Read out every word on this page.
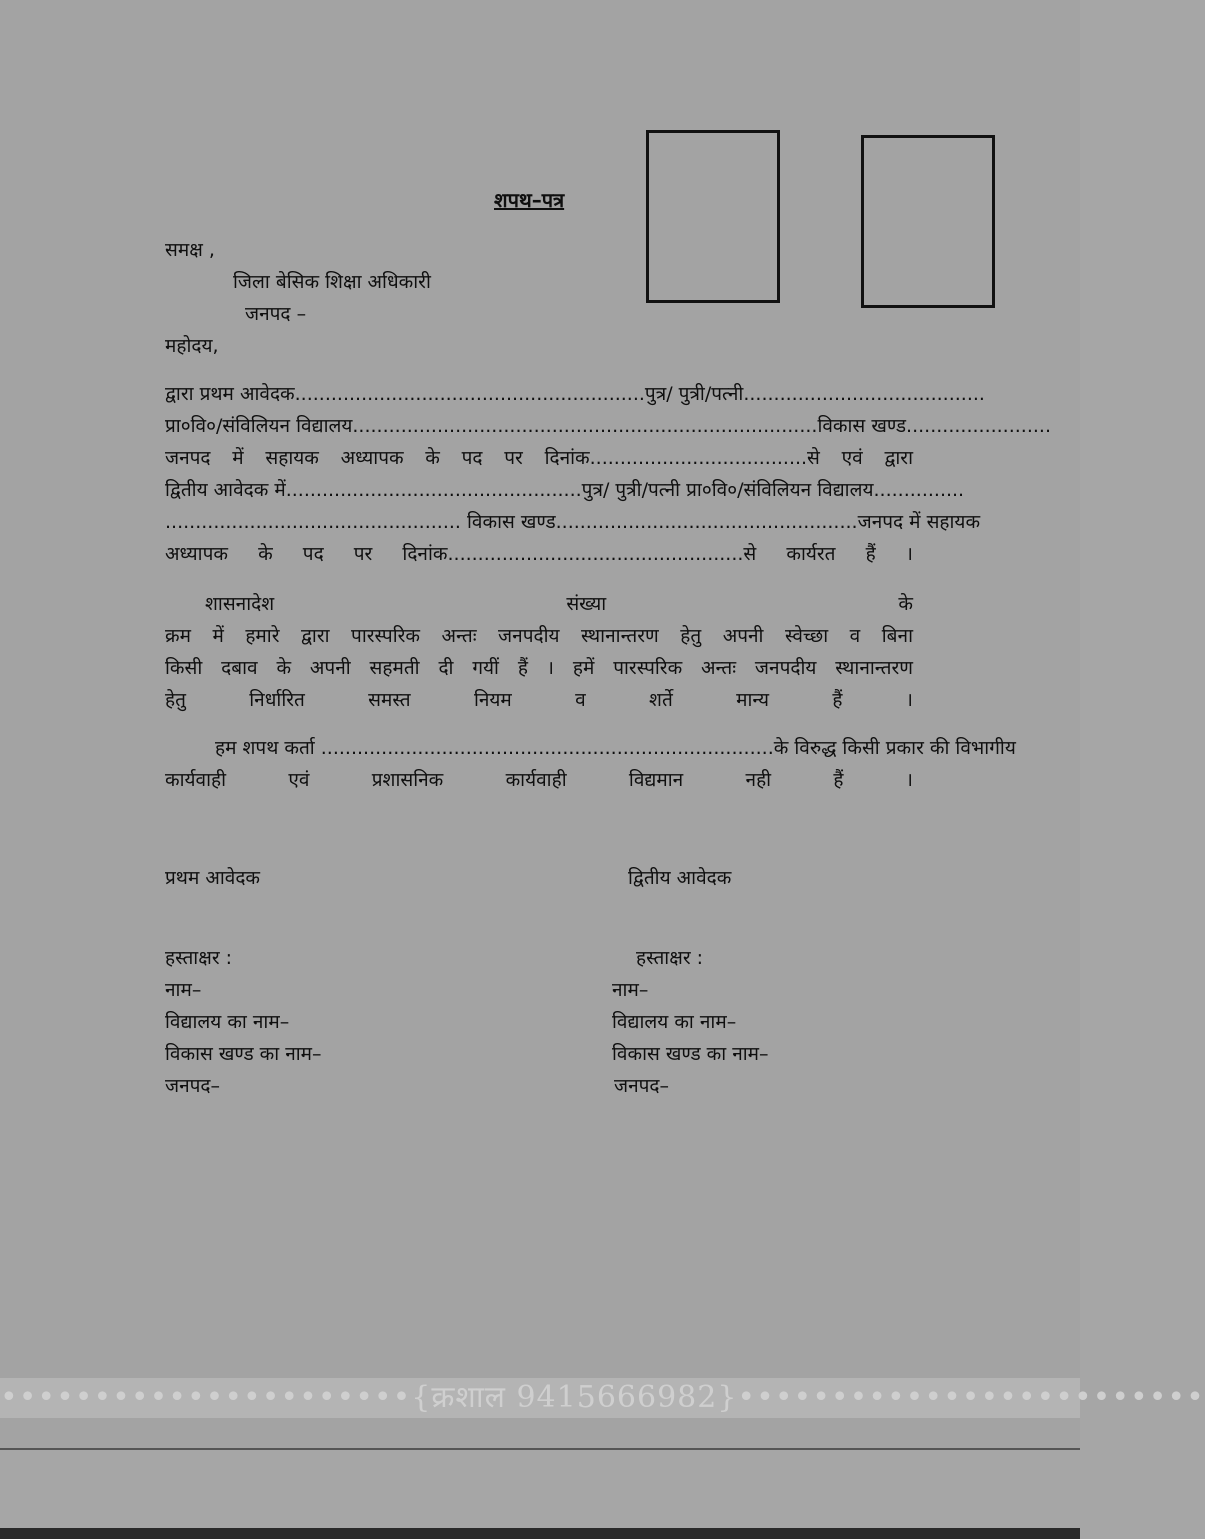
शपथ–पत्र
समक्ष ,
जिला बेसिक शिक्षा अधिकारी
जनपद –
महोदय,
द्वारा प्रथम आवेदक..........................................................पुत्र/ पुत्री/पत्नी........................................
प्रा०वि०/संविलियन विद्यालय.............................................................................विकास खण्ड........................
जनपद में सहायक अध्यापक के पद पर दिनांक....................................से एवं द्वारा
द्वितीय आवेदक में.................................................पुत्र/ पुत्री/पत्नी प्रा०वि०/संविलियन विद्यालय...............
................................................. विकास खण्ड..................................................जनपद में सहायक
अध्यापक के पद पर दिनांक.................................................से कार्यरत हैं ।
शासनादेश संख्या	के
क्रम में हमारे द्वारा पारस्परिक अन्तः जनपदीय स्थानान्तरण हेतु अपनी स्वेच्छा व बिना
किसी दबाव के अपनी सहमती दी गयीं हैं । हमें पारस्परिक अन्तः जनपदीय स्थानान्तरण
हेतु निर्धारित समस्त नियम व शर्ते मान्य हैं ।
हम शपथ कर्ता ...........................................................................के विरुद्ध किसी प्रकार की विभागीय
कार्यवाही एवं प्रशासनिक कार्यवाही विद्यमान नही हैं ।
प्रथम आवेदक	द्वितीय आवेदक
हस्ताक्षर :
नाम–
विद्यालय का नाम–
विकास खण्ड का नाम–
जनपद–
हस्ताक्षर :
नाम–
विद्यालय का नाम–
विकास खण्ड का नाम–
जनपद–
••••••••••••••••••••••{क्रशाल 9415666982}•••••••••••••••••••••••••
